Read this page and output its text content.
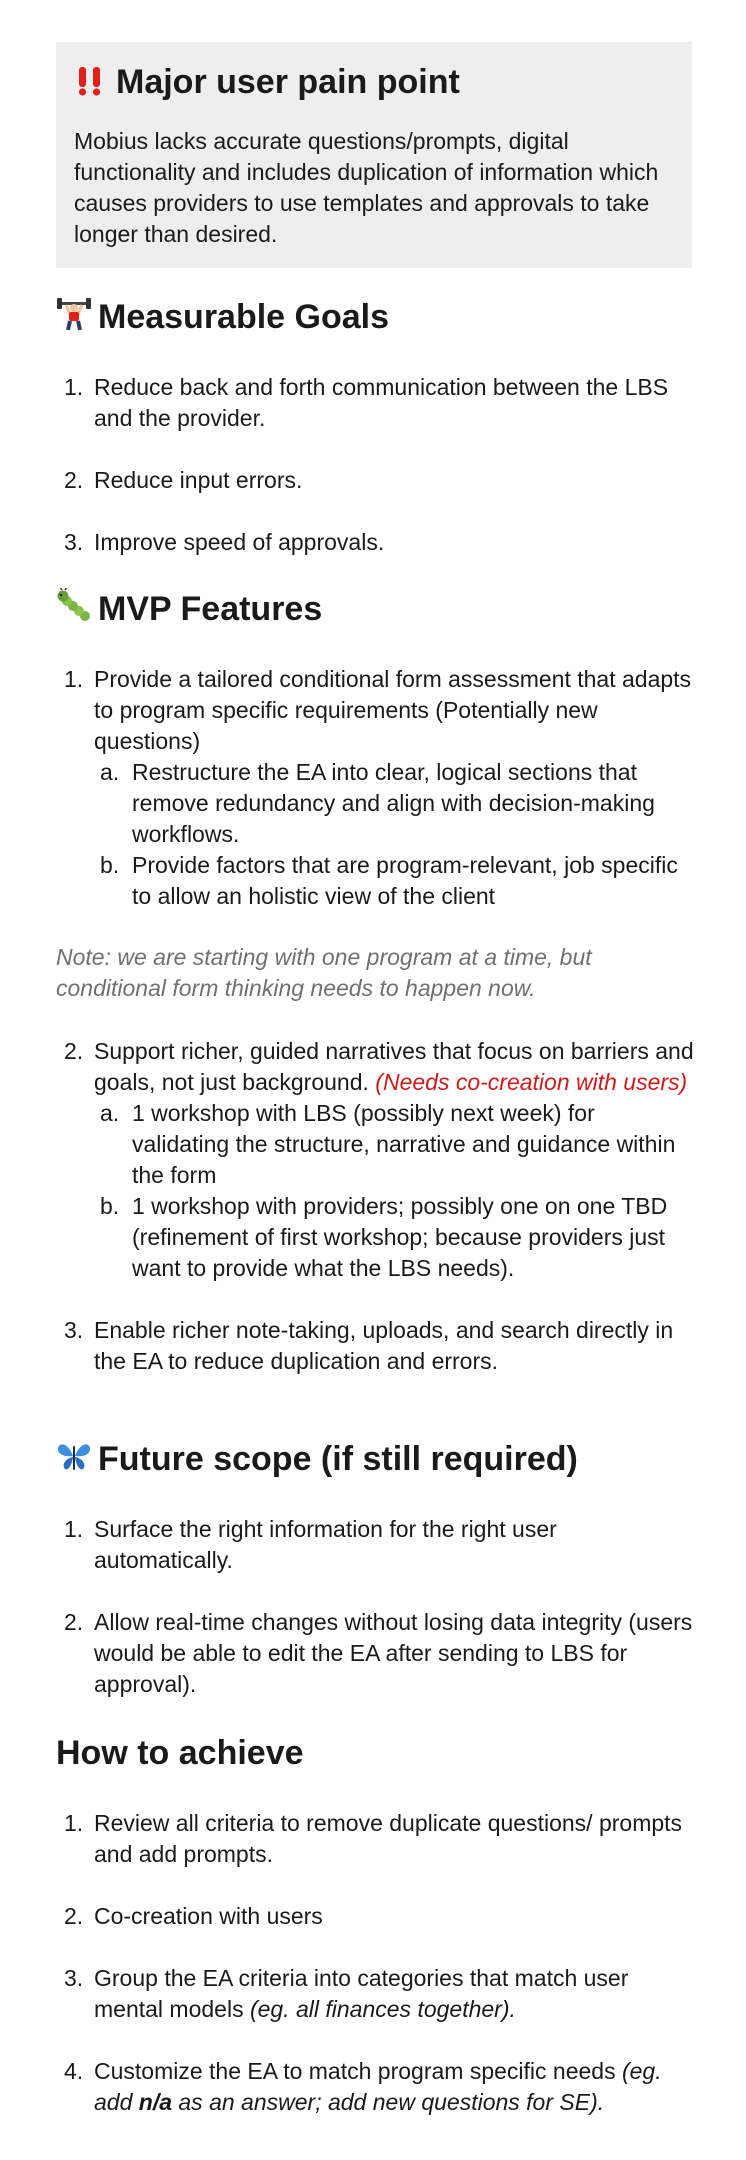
Major user pain point

Mobius lacks accurate questions/prompts, digital functionality and includes duplication of information which causes providers to use templates and approvals to take longer than desired.

Measurable Goals
1. Reduce back and forth communication between the LBS and the provider.
2. Reduce input errors.
3. Improve speed of approvals.
MVP Features
1. Provide a tailored conditional form assessment that adapts to program specific requirements (Potentially new questions)
a. Restructure the EA into clear, logical sections that remove redundancy and align with decision-making workflows.
b. Provide factors that are program-relevant, job specific to allow an holistic view of the client

Note: we are starting with one program at a time, but conditional form thinking needs to happen now.

2. Support richer, guided narratives that focus on barriers and goals, not just background. (Needs co-creation with users)
a. 1 workshop with LBS (possibly next week) for validating the structure, narrative and guidance within the form
b. 1 workshop with providers; possibly one on one TBD (refinement of first workshop; because providers just want to provide what the LBS needs).
3. Enable richer note-taking, uploads, and search directly in the EA to reduce duplication and errors.
Future scope (if still required)
1. Surface the right information for the right user automatically.
2. Allow real-time changes without losing data integrity (users would be able to edit the EA after sending to LBS for approval).
How to achieve
1. Review all criteria to remove duplicate questions/ prompts and add prompts.
2. Co-creation with users
3. Group the EA criteria into categories that match user mental models (eg. all finances together).
4. Customize the EA to match program specific needs (eg. add n/a as an answer; add new questions for SE).
